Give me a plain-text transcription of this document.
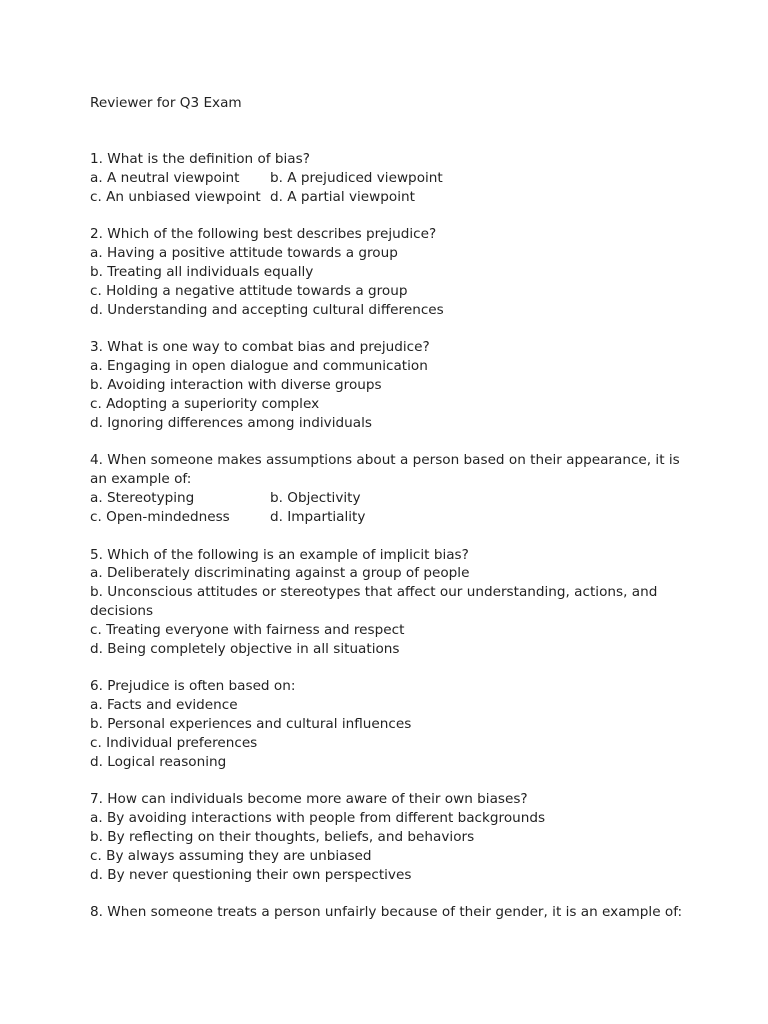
Reviewer for Q3 Exam
1. What is the definition of bias?
a. A neutral viewpoint	b. A prejudiced viewpoint
c. An unbiased viewpoint d. A partial viewpoint
2. Which of the following best describes prejudice?
a. Having a positive attitude towards a group
b. Treating all individuals equally
c. Holding a negative attitude towards a group
d. Understanding and accepting cultural differences
3. What is one way to combat bias and prejudice?
a. Engaging in open dialogue and communication
b. Avoiding interaction with diverse groups
c. Adopting a superiority complex
d. Ignoring differences among individuals
4. When someone makes assumptions about a person based on their appearance, it is an example of:
a. Stereotyping	b. Objectivity
c. Open-mindedness	d. Impartiality
5. Which of the following is an example of implicit bias?
a. Deliberately discriminating against a group of people
b. Unconscious attitudes or stereotypes that affect our understanding, actions, and decisions
c. Treating everyone with fairness and respect
d. Being completely objective in all situations
6. Prejudice is often based on:
a. Facts and evidence
b. Personal experiences and cultural influences
c. Individual preferences
d. Logical reasoning
7. How can individuals become more aware of their own biases?
a. By avoiding interactions with people from different backgrounds
b. By reflecting on their thoughts, beliefs, and behaviors
c. By always assuming they are unbiased
d. By never questioning their own perspectives
8. When someone treats a person unfairly because of their gender, it is an example of:
